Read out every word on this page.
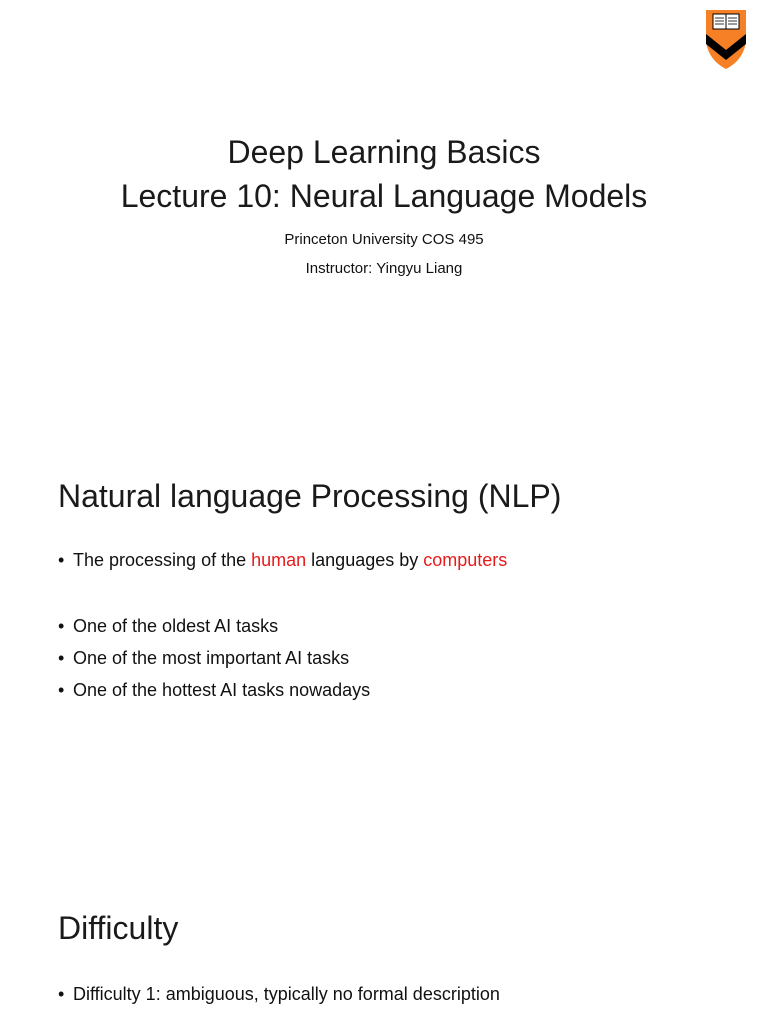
Deep Learning Basics
Lecture 10: Neural Language Models
Princeton University COS 495
Instructor: Yingyu Liang
Natural language Processing (NLP)
• The processing of the human languages by computers
• One of the oldest AI tasks
• One of the most important AI tasks
• One of the hottest AI tasks nowadays
Difficulty
• Difficulty 1: ambiguous, typically no formal description
